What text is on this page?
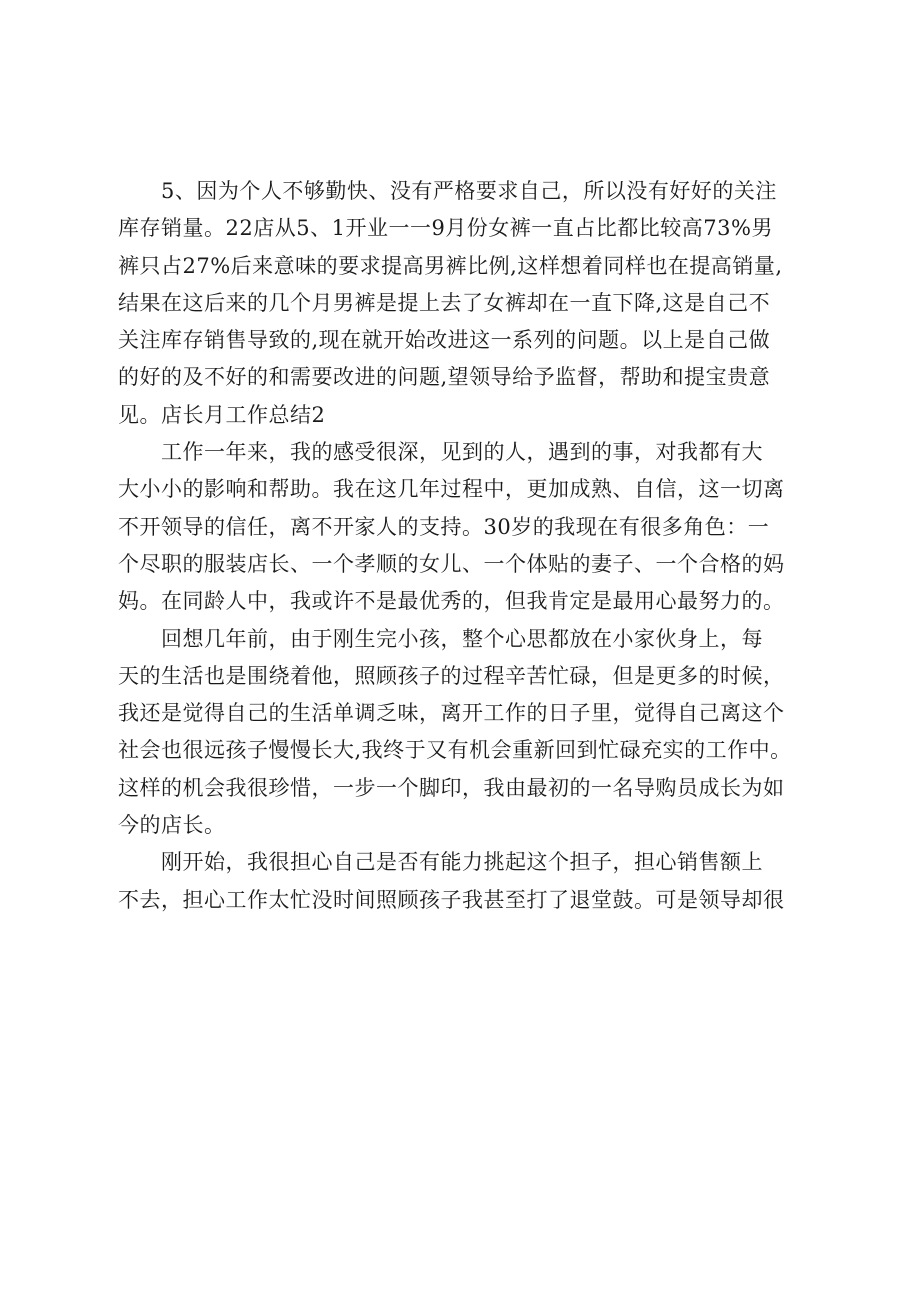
　　5、因为个人不够勤快、没有严格要求自己，所以没有好好的关注
库存销量。22店从5、1开业一一9月份女裤一直占比都比较高73%男
裤只占27%后来意味的要求提高男裤比例,这样想着同样也在提高销量,
结果在这后来的几个月男裤是提上去了女裤却在一直下降,这是自己不
关注库存销售导致的,现在就开始改进这一系列的问题。以上是自己做
的好的及不好的和需要改进的问题,望领导给予监督，帮助和提宝贵意
见。店长月工作总结2
　　工作一年来，我的感受很深，见到的人，遇到的事，对我都有大
大小小的影响和帮助。我在这几年过程中，更加成熟、自信，这一切离
不开领导的信任，离不开家人的支持。30岁的我现在有很多角色：一
个尽职的服装店长、一个孝顺的女儿、一个体贴的妻子、一个合格的妈
妈。在同龄人中，我或许不是最优秀的，但我肯定是最用心最努力的。
　　回想几年前，由于刚生完小孩，整个心思都放在小家伙身上，每
天的生活也是围绕着他，照顾孩子的过程辛苦忙碌，但是更多的时候，
我还是觉得自己的生活单调乏味，离开工作的日子里，觉得自己离这个
社会也很远孩子慢慢长大,我终于又有机会重新回到忙碌充实的工作中。
这样的机会我很珍惜，一步一个脚印，我由最初的一名导购员成长为如
今的店长。
　　刚开始，我很担心自己是否有能力挑起这个担子，担心销售额上
不去，担心工作太忙没时间照顾孩子我甚至打了退堂鼓。可是领导却很
